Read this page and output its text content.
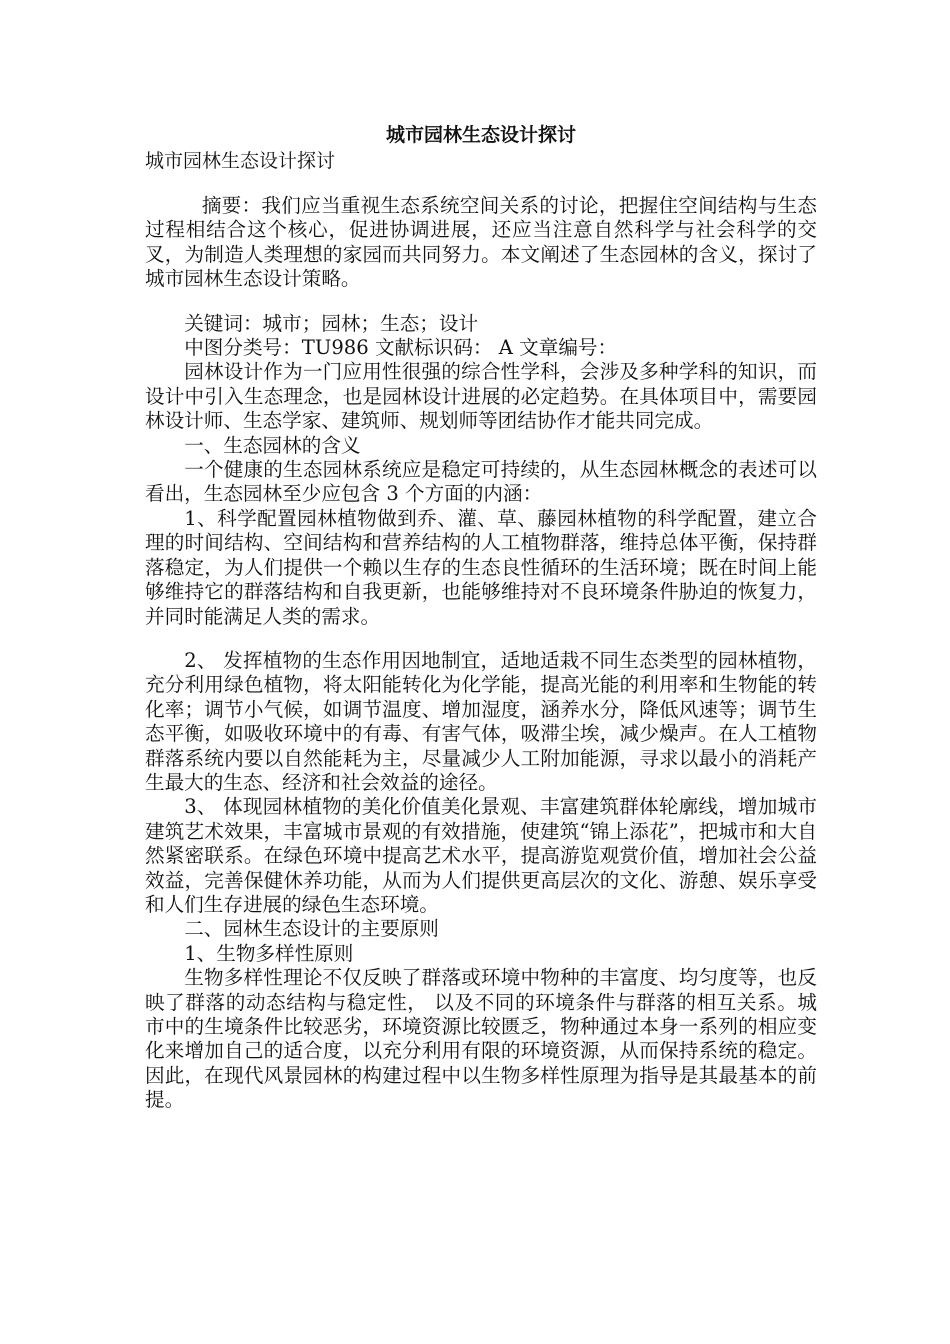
城市园林生态设计探讨

城市园林生态设计探讨

摘要：我们应当重视生态系统空间关系的讨论，把握住空间结构与生态过程相结合这个核心，促进协调进展，还应当注意自然科学与社会科学的交叉，为制造人类理想的家园而共同努力。本文阐述了生态园林的含义，探讨了城市园林生态设计策略。

关键词：城市；园林；生态；设计

中图分类号：TU986 文献标识码： A 文章编号：

园林设计作为一门应用性很强的综合性学科，会涉及多种学科的知识，而设计中引入生态理念，也是园林设计进展的必定趋势。在具体项目中，需要园林设计师、生态学家、建筑师、规划师等团结协作才能共同完成。

一、生态园林的含义

一个健康的生态园林系统应是稳定可持续的，从生态园林概念的表述可以看出，生态园林至少应包含 3 个方面的内涵：

1、科学配置园林植物做到乔、灌、草、藤园林植物的科学配置，建立合理的时间结构、空间结构和营养结构的人工植物群落，维持总体平衡，保持群落稳定，为人们提供一个赖以生存的生态良性循环的生活环境；既在时间上能够维持它的群落结构和自我更新，也能够维持对不良环境条件胁迫的恢复力，并同时能满足人类的需求。

2、 发挥植物的生态作用因地制宜，适地适栽不同生态类型的园林植物，充分利用绿色植物，将太阳能转化为化学能，提高光能的利用率和生物能的转化率；调节小气候，如调节温度、增加湿度，涵养水分，降低风速等；调节生态平衡，如吸收环境中的有毒、有害气体，吸滞尘埃，减少燥声。在人工植物群落系统内要以自然能耗为主，尽量减少人工附加能源，寻求以最小的消耗产生最大的生态、经济和社会效益的途径。

3、 体现园林植物的美化价值美化景观、丰富建筑群体轮廓线，增加城市建筑艺术效果，丰富城市景观的有效措施，使建筑“锦上添花”，把城市和大自然紧密联系。在绿色环境中提高艺术水平，提高游览观赏价值，增加社会公益效益，完善保健休养功能，从而为人们提供更高层次的文化、游憩、娱乐享受和人们生存进展的绿色生态环境。

二、园林生态设计的主要原则

1、生物多样性原则

生物多样性理论不仅反映了群落或环境中物种的丰富度、均匀度等，也反映了群落的动态结构与稳定性， 以及不同的环境条件与群落的相互关系。城市中的生境条件比较恶劣，环境资源比较匮乏，物种通过本身一系列的相应变化来增加自己的适合度，以充分利用有限的环境资源，从而保持系统的稳定。因此，在现代风景园林的构建过程中以生物多样性原理为指导是其最基本的前提。
